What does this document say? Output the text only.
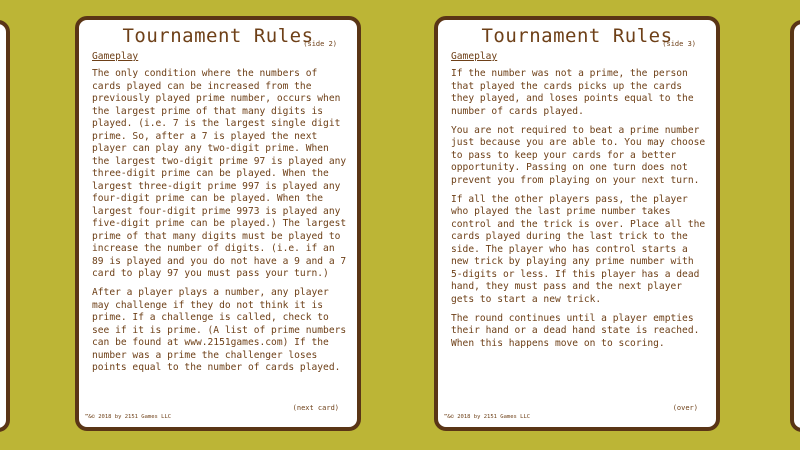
Tournament Rules
(side 2)
Gameplay

The only condition where the numbers of cards played can be increased from the previously played prime number, occurs when the largest prime of that many digits is played. (i.e. 7 is the largest single digit prime. So, after a 7 is played the next player can play any two-digit prime. When the largest two-digit prime 97 is played any three-digit prime can be played. When the largest three-digit prime 997 is played any four-digit prime can be played. When the largest four-digit prime 9973 is played any five-digit prime can be played.) The largest prime of that many digits must be played to increase the number of digits. (i.e. if an 89 is played and you do not have a 9 and a 7 card to play 97 you must pass your turn.)

After a player plays a number, any player may challenge if they do not think it is prime. If a challenge is called, check to see if it is prime. (A list of prime numbers can be found at www.2151games.com) If the number was a prime the challenger loses points equal to the number of cards played.

(next card)
™&© 2018 by 2151 Games LLC
Tournament Rules
(side 3)
Gameplay

If the number was not a prime, the person that played the cards picks up the cards they played, and loses points equal to the number of cards played.

You are not required to beat a prime number just because you are able to. You may choose to pass to keep your cards for a better opportunity. Passing on one turn does not prevent you from playing on your next turn.

If all the other players pass, the player who played the last prime number takes control and the trick is over. Place all the cards played during the last trick to the side. The player who has control starts a new trick by playing any prime number with 5-digits or less. If this player has a dead hand, they must pass and the next player gets to start a new trick.

The round continues until a player empties their hand or a dead hand state is reached. When this happens move on to scoring.

(over)
™&© 2018 by 2151 Games LLC
